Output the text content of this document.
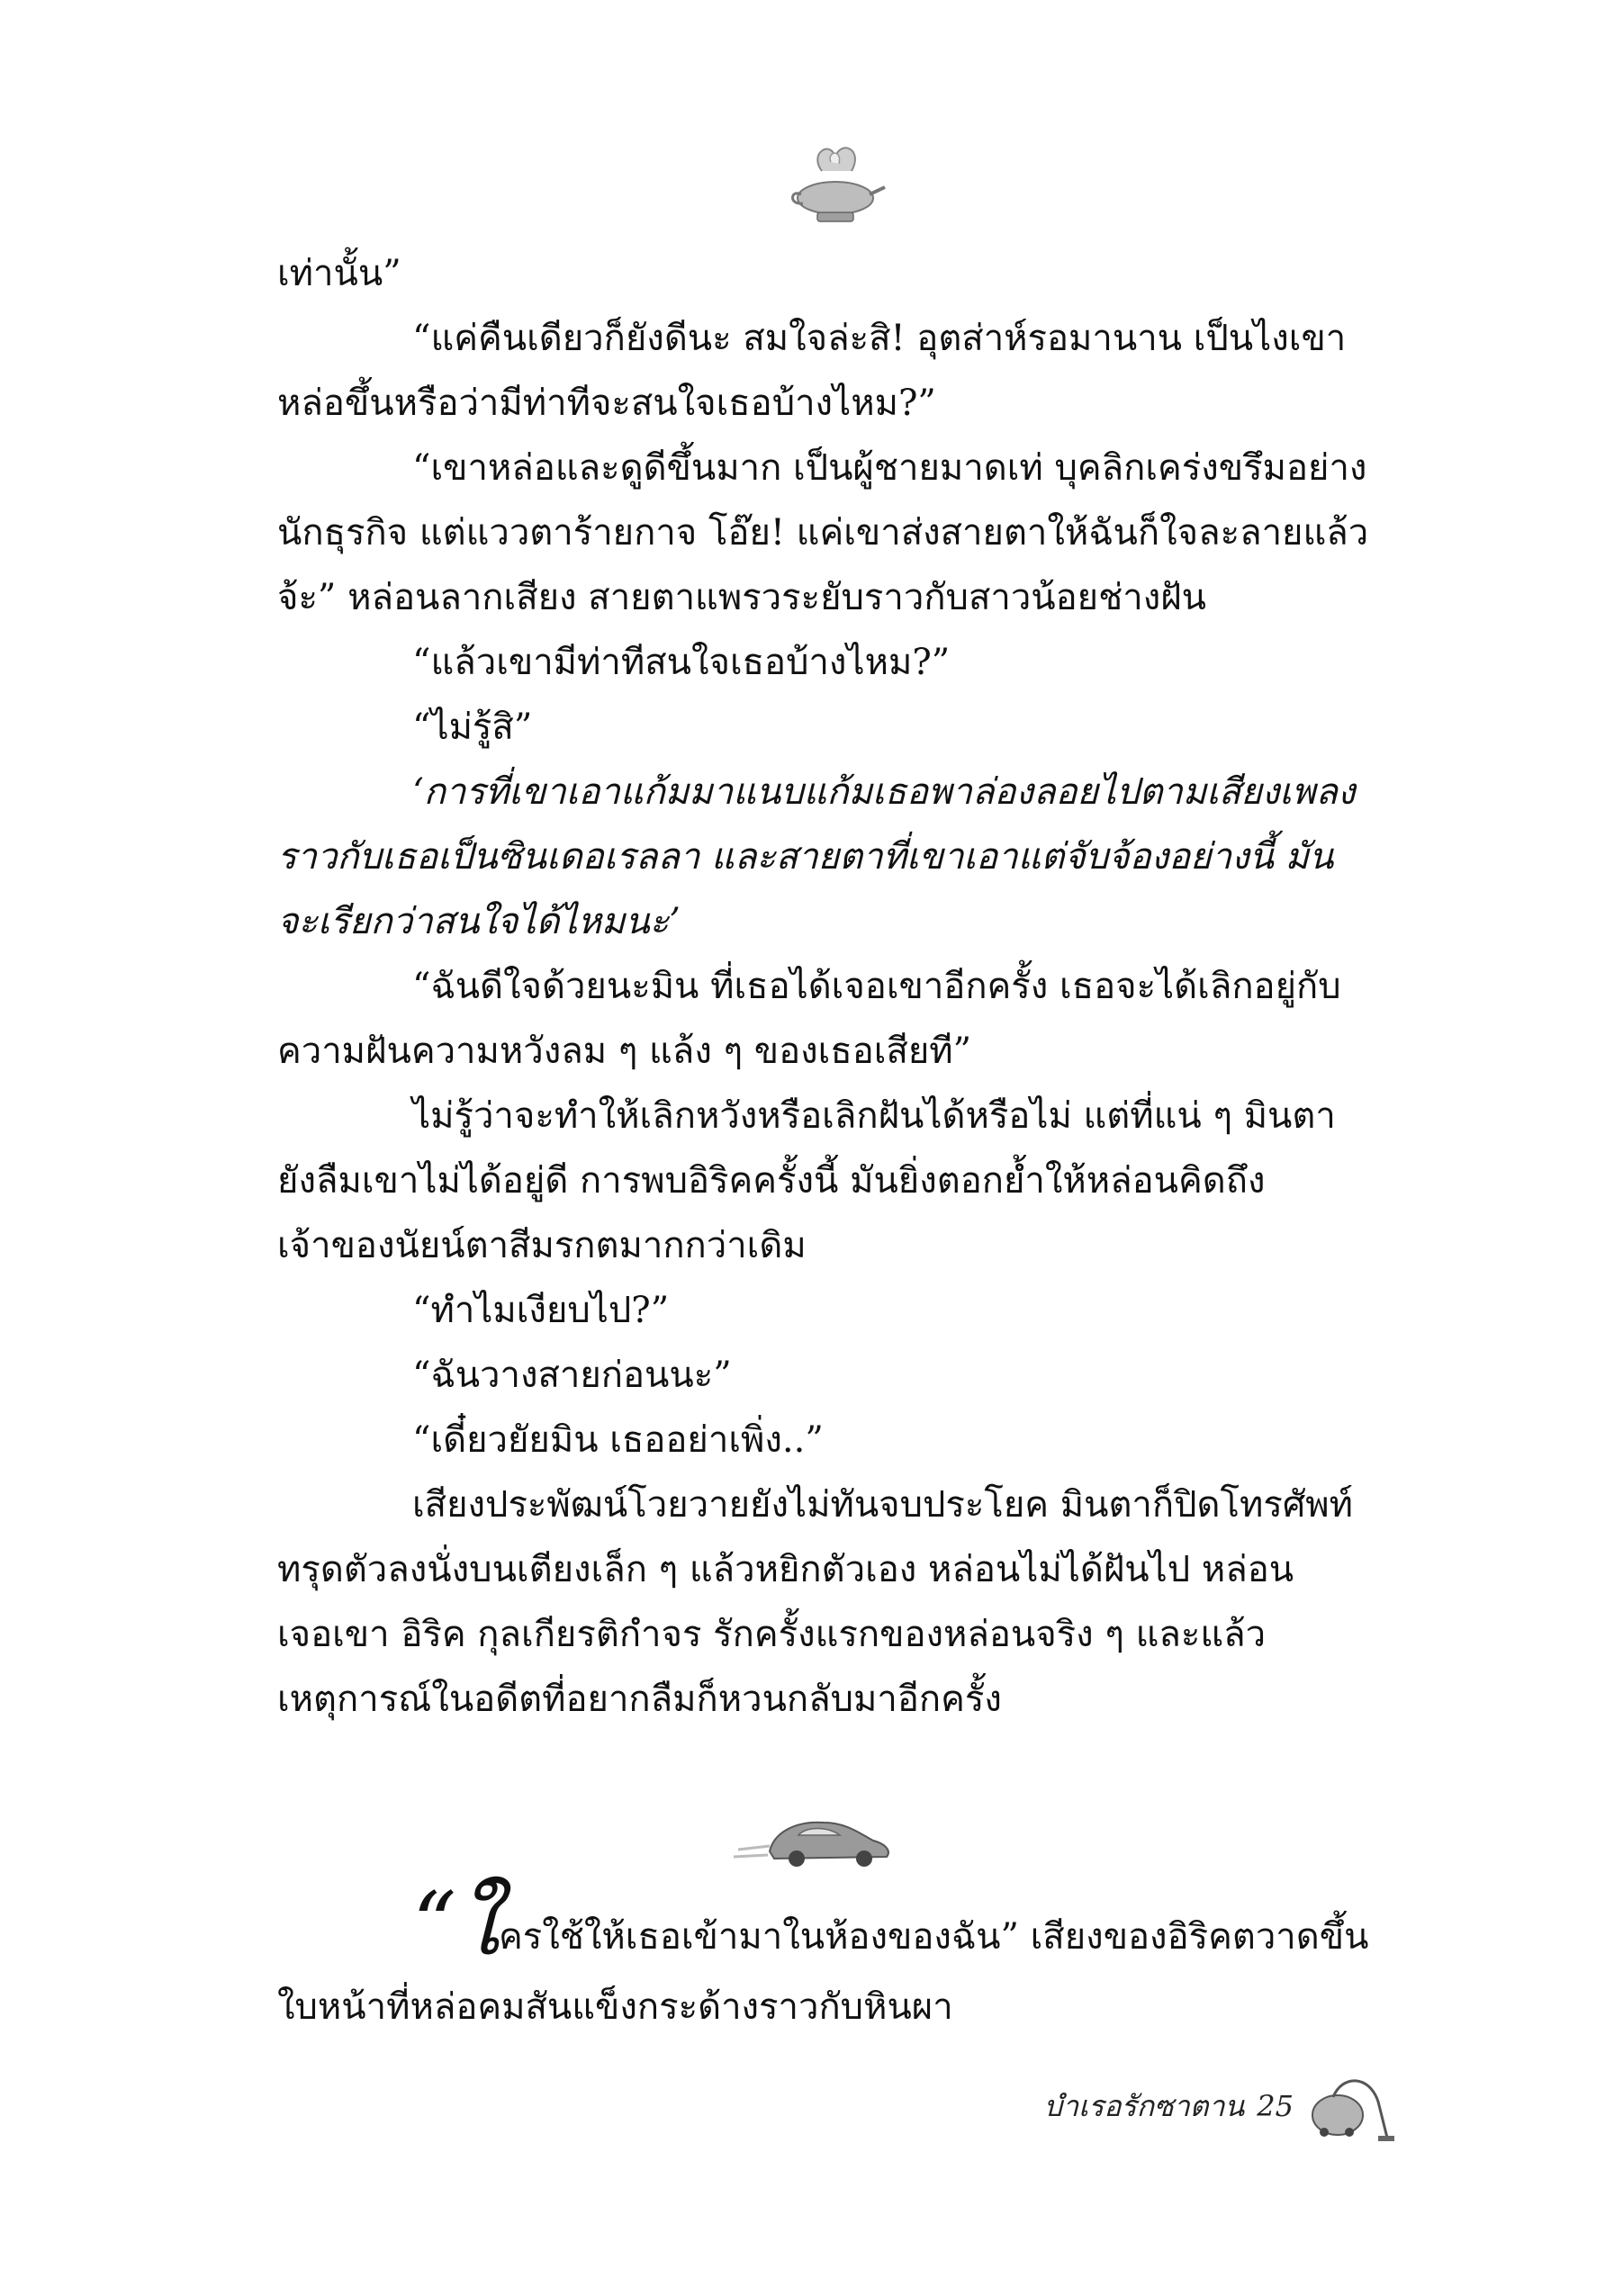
เท่านั้น”
“แค่คืนเดียวก็ยังดีนะ สมใจล่ะสิ! อุตส่าห์รอมานาน เป็นไงเขา
หล่อขึ้นหรือว่ามีท่าทีจะสนใจเธอบ้างไหม?”
“เขาหล่อและดูดีขึ้นมาก เป็นผู้ชายมาดเท่ บุคลิกเคร่งขรึมอย่าง
นักธุรกิจ แต่แววตาร้ายกาจ โอ๊ย! แค่เขาส่งสายตาให้ฉันก็ใจละลายแล้ว
จ้ะ” หล่อนลากเสียง สายตาแพรวระยับราวกับสาวน้อยช่างฝัน
“แล้วเขามีท่าทีสนใจเธอบ้างไหม?”
“ไม่รู้สิ”
‘การที่เขาเอาแก้มมาแนบแก้มเธอพาล่องลอยไปตามเสียงเพลง
ราวกับเธอเป็นซินเดอเรลลา และสายตาที่เขาเอาแต่จับจ้องอย่างนี้ มัน
จะเรียกว่าสนใจได้ไหมนะ’
“ฉันดีใจด้วยนะมิน ที่เธอได้เจอเขาอีกครั้ง เธอจะได้เลิกอยู่กับ
ความฝันความหวังลม ๆ แล้ง ๆ ของเธอเสียที”
ไม่รู้ว่าจะทำให้เลิกหวังหรือเลิกฝันได้หรือไม่ แต่ที่แน่ ๆ มินตา
ยังลืมเขาไม่ได้อยู่ดี การพบอิริคครั้งนี้ มันยิ่งตอกย้ำให้หล่อนคิดถึง
เจ้าของนัยน์ตาสีมรกตมากกว่าเดิม
“ทำไมเงียบไป?”
“ฉันวางสายก่อนนะ”
“เดี๋ยวยัยมิน เธออย่าเพิ่ง..”
เสียงประพัฒน์โวยวายยังไม่ทันจบประโยค มินตาก็ปิดโทรศัพท์
ทรุดตัวลงนั่งบนเตียงเล็ก ๆ แล้วหยิกตัวเอง หล่อนไม่ได้ฝันไป หล่อน
เจอเขา อิริค กุลเกียรติกำจร รักครั้งแรกของหล่อนจริง ๆ และแล้ว
เหตุการณ์ในอดีตที่อยากลืมก็หวนกลับมาอีกครั้ง
“ใครใช้ให้เธอเข้ามาในห้องของฉัน” เสียงของอิริคตวาดขึ้น
ใบหน้าที่หล่อคมสันแข็งกระด้างราวกับหินผา
บำเรอรักซาตาน 25
